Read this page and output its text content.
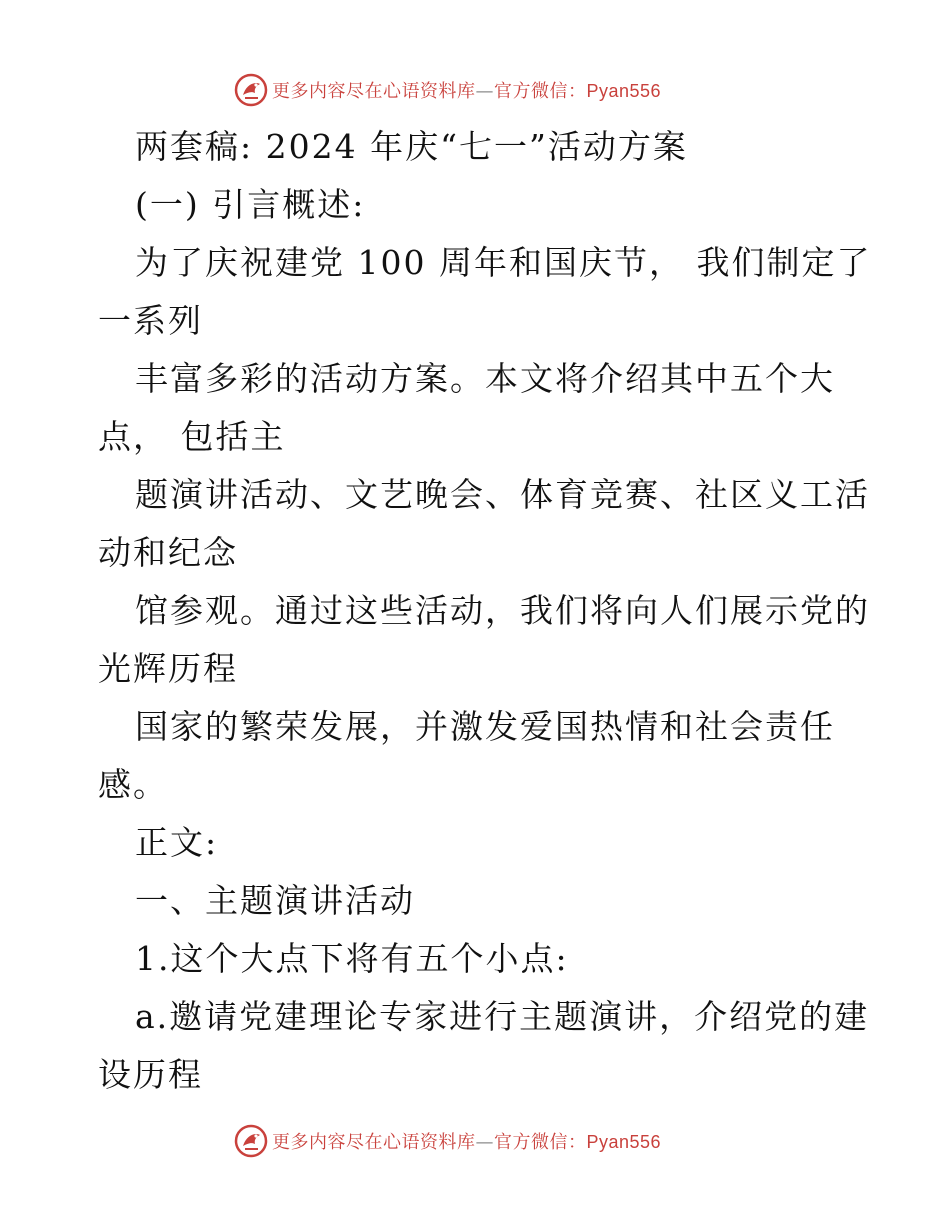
更多内容尽在心语资料库—官方微信：Pyan556
两套稿: 2024 年庆“七一”活动方案
(一) 引言概述:
为了庆祝建党 100 周年和国庆节， 我们制定了
一系列
丰富多彩的活动方案。本文将介绍其中五个大
点， 包括主
题演讲活动、文艺晚会、体育竞赛、社区义工活
动和纪念
馆参观。通过这些活动，我们将向人们展示党的
光辉历程
国家的繁荣发展，并激发爱国热情和社会责任
感。
正文:
一、主题演讲活动
1.这个大点下将有五个小点:
a.邀请党建理论专家进行主题演讲，介绍党的建
设历程
更多内容尽在心语资料库—官方微信：Pyan556
